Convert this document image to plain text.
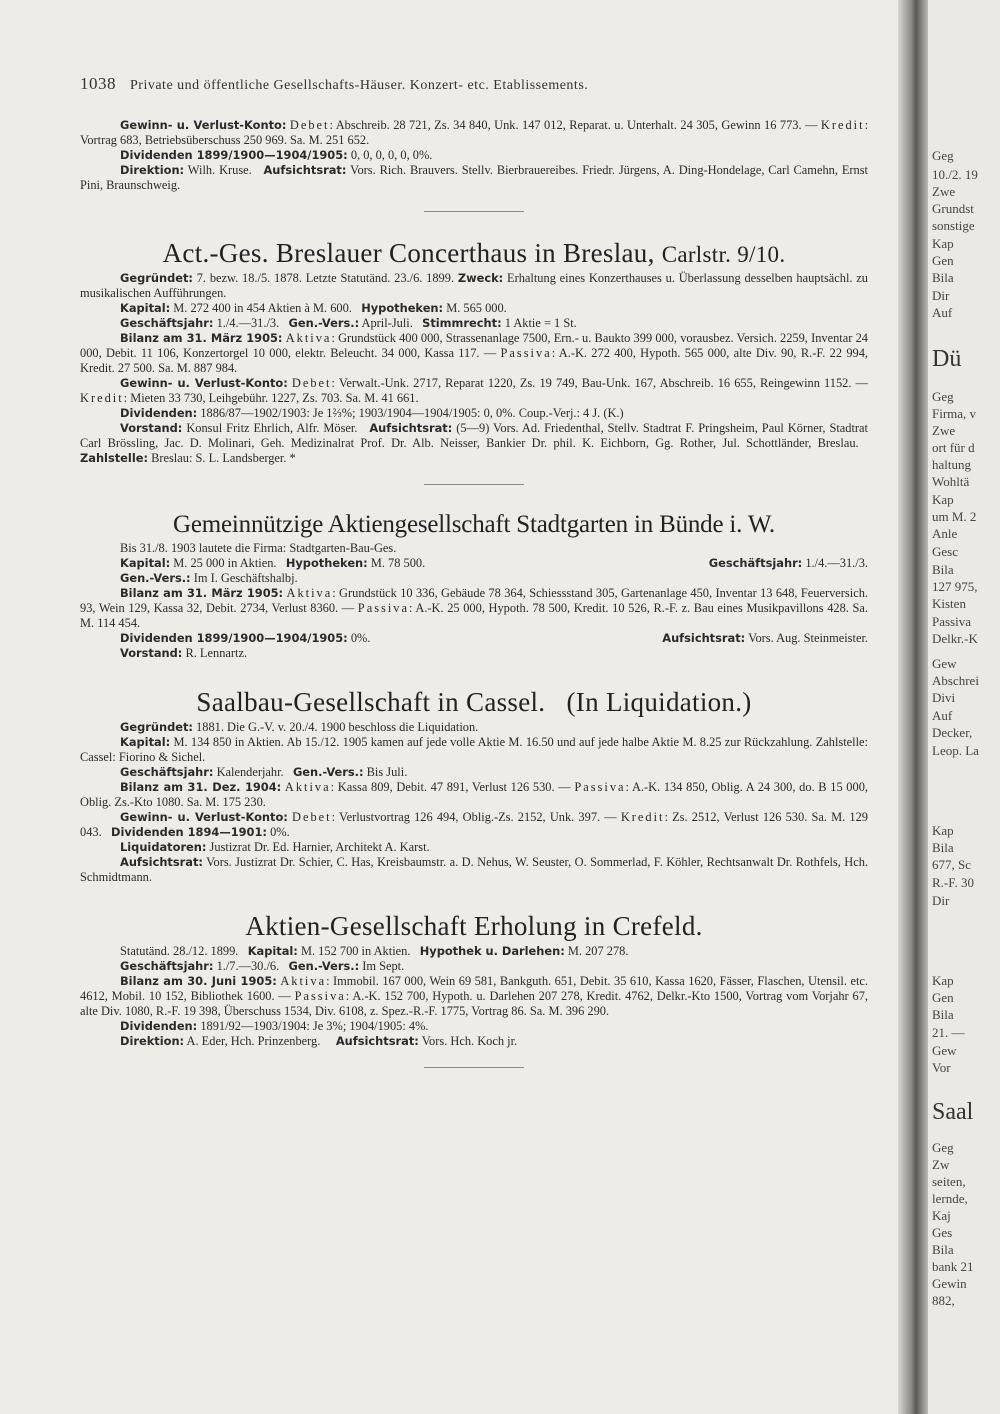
1038 Private und öffentliche Gesellschafts-Häuser. Konzert- etc. Etablissements.

Gewinn- u. Verlust-Konto: Debet: Abschreib. 28 721, Zs. 34 840, Unk. 147 012, Reparat. u. Unterhalt. 24 305, Gewinn 16 773. — Kredit: Vortrag 683, Betriebsüberschuss 250 969. Sa. M. 251 652.

Dividenden 1899/1900—1904/1905: 0, 0, 0, 0, 0, 0%.

Direktion: Wilh. Kruse. Aufsichtsrat: Vors. Rich. Brauvers. Stellv. Bierbrauereibes. Friedr. Jürgens, A. Ding-Hondelage, Carl Camehn, Ernst Pini, Braunschweig.

Act.-Ges. Breslauer Concerthaus in Breslau, Carlstr. 9/10.

Gegründet: 7. bezw. 18./5. 1878. Letzte Statutänd. 23./6. 1899. Zweck: Erhaltung eines Konzerthauses u. Überlassung desselben hauptsächl. zu musikalischen Aufführungen.

Kapital: M. 272 400 in 454 Aktien à M. 600. Hypotheken: M. 565 000.

Geschäftsjahr: 1./4.—31./3. Gen.-Vers.: April-Juli. Stimmrecht: 1 Aktie = 1 St.

Bilanz am 31. März 1905: Aktiva: Grundstück 400 000, Strassenanlage 7500, Ern.- u. Baukto 399 000, vorausbez. Versich. 2259, Inventar 24 000, Debit. 11 106, Konzertorgel 10 000, elektr. Beleucht. 34 000, Kassa 117. — Passiva: A.-K. 272 400, Hypoth. 565 000, alte Div. 90, R.-F. 22 994, Kredit. 27 500. Sa. M. 887 984.

Gewinn- u. Verlust-Konto: Debet: Verwalt.-Unk. 2717, Reparat 1220, Zs. 19 749, Bau-Unk. 167, Abschreib. 16 655, Reingewinn 1152. — Kredit: Mieten 33 730, Leihgebühr. 1227, Zs. 703. Sa. M. 41 661.

Dividenden: 1886/87—1902/1903: Je 1⅔%; 1903/1904—1904/1905: 0, 0%. Coup.-Verj.: 4 J. (K.)

Vorstand: Konsul Fritz Ehrlich, Alfr. Möser. Aufsichtsrat: (5—9) Vors. Ad. Friedenthal, Stellv. Stadtrat F. Pringsheim, Paul Körner, Stadtrat Carl Brössling, Jac. D. Molinari, Geh. Medizinalrat Prof. Dr. Alb. Neisser, Bankier Dr. phil. K. Eichborn, Gg. Rother, Jul. Schottländer, Breslau.   Zahlstelle: Breslau: S. L. Landsberger. *

Gemeinnützige Aktiengesellschaft Stadtgarten in Bünde i. W.

Bis 31./8. 1903 lautete die Firma: Stadtgarten-Bau-Ges.

Kapital: M. 25 000 in Aktien. Hypotheken: M. 78 500.	Geschäftsjahr: 1./4.—31./3.

Gen.-Vers.: Im I. Geschäftshalbj.

Bilanz am 31. März 1905: Aktiva: Grundstück 10 336, Gebäude 78 364, Schiessstand 305, Gartenanlage 450, Inventar 13 648, Feuerversich. 93, Wein 129, Kassa 32, Debit. 2734, Verlust 8360. — Passiva: A.-K. 25 000, Hypoth. 78 500, Kredit. 10 526, R.-F. z. Bau eines Musikpavillons 428. Sa. M. 114 454.

Dividenden 1899/1900—1904/1905: 0%.	Aufsichtsrat: Vors. Aug. Steinmeister.

Vorstand: R. Lennartz.

Saalbau-Gesellschaft in Cassel. (In Liquidation.)

Gegründet: 1881. Die G.-V. v. 20./4. 1900 beschloss die Liquidation.

Kapital: M. 134 850 in Aktien. Ab 15./12. 1905 kamen auf jede volle Aktie M. 16.50 und auf jede halbe Aktie M. 8.25 zur Rückzahlung. Zahlstelle: Cassel: Fiorino & Sichel.

Geschäftsjahr: Kalenderjahr. Gen.-Vers.: Bis Juli.

Bilanz am 31. Dez. 1904: Aktiva: Kassa 809, Debit. 47 891, Verlust 126 530. — Passiva: A.-K. 134 850, Oblig. A 24 300, do. B 15 000, Oblig. Zs.-Kto 1080. Sa. M. 175 230.

Gewinn- u. Verlust-Konto: Debet: Verlustvortrag 126 494, Oblig.-Zs. 2152, Unk. 397. — Kredit: Zs. 2512, Verlust 126 530. Sa. M. 129 043. Dividenden 1894—1901: 0%.

Liquidatoren: Justizrat Dr. Ed. Harnier, Architekt A. Karst.

Aufsichtsrat: Vors. Justizrat Dr. Schier, C. Has, Kreisbaumstr. a. D. Nehus, W. Seuster, O. Sommerlad, F. Köhler, Rechtsanwalt Dr. Rothfels, Hch. Schmidtmann.

Aktien-Gesellschaft Erholung in Crefeld.

Statutänd. 28./12. 1899. Kapital: M. 152 700 in Aktien. Hypothek u. Darlehen: M. 207 278.

Geschäftsjahr: 1./7.—30./6. Gen.-Vers.: Im Sept.

Bilanz am 30. Juni 1905: Aktiva: Immobil. 167 000, Wein 69 581, Bankguth. 651, Debit. 35 610, Kassa 1620, Fässer, Flaschen, Utensil. etc. 4612, Mobil. 10 152, Bibliothek 1600. — Passiva: A.-K. 152 700, Hypoth. u. Darlehen 207 278, Kredit. 4762, Delkr.-Kto 1500, Vortrag vom Vorjahr 67, alte Div. 1080, R.-F. 19 398, Überschuss 1534, Div. 6108, z. Spez.-R.-F. 1775, Vortrag 86. Sa. M. 396 290.

Dividenden: 1891/92—1903/1904: Je 3%; 1904/1905: 4%.

Direktion: A. Eder, Hch. Prinzenberg. Aufsichtsrat: Vors. Hch. Koch jr.

Geg
10./2. 19
Zwe
Grundst
sonstige
Kap
Gen
Bila
Dir
Auf
Dü
Geg
Firma, v
Zwe
ort für d
haltung
Wohltä
Kap
um M. 2
Anle
Gesc
Bila
127 975,
Kisten
Passiva
Delkr.-K
Gew
Abschrei
Divi
Auf
Decker,
Leop. La
Kap
Bila
677, Sc
R.-F. 30
Dir
Kap
Gen
Bila
21. —
Gew
Vor
Saal
Geg
Zw
seiten,
lernde,
Kaj
Ges
Bila
bank 21
Gewin
882,
